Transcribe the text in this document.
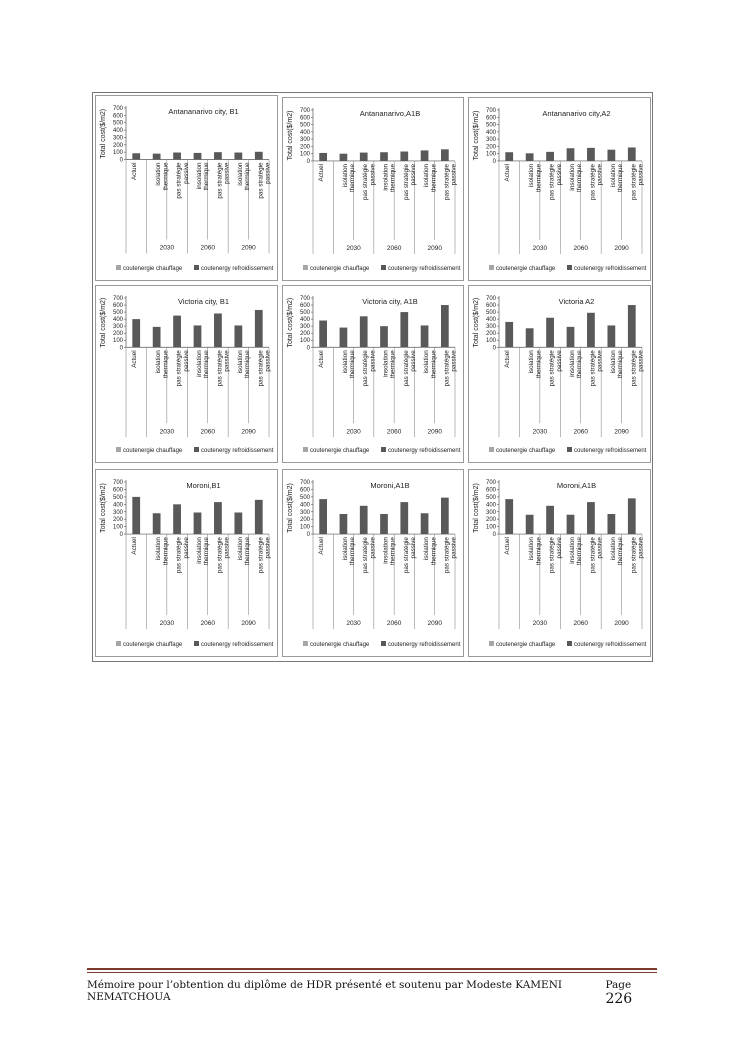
Antananarivo city, B1
Total cost($/m2)
0
100
200
300
400
500
600
700
Actuel	isolationthermique pas stratégiepassive insolationthermique pas stratégiepassive isolationthermique pas stratégiepassive
2030	2060	2090
coutenergie chauffage	coutenergy refroidissement
Antananarivo,A1B
Total cost($/m2)
0
100
200
300
400
500
600
700
Actuel	isolationthermique pas stratégiepassive insolationthermique pas stratégiepassive isolationthermique pas stratégiepassive
2030	2060	2090
coutenergie chauffage	coutenergy refroidissement
Antananarivo city,A2
Total cost($/m2)
0
100
200
300
400
500
600
700
Actuel	isolationthermique pas stratégiepassive insolationthermique pas stratégiepassive isolationthermique pas stratégiepassive
2030	2060	2090
coutenergie chauffage	coutenergy refroidissement
Victoria city, B1
Total cost($/m2)
0
100
200
300
400
500
600
700
Actuel	isolationthermique pas stratégiepassive insolationthermique pas stratégiepassive isolationthermique pas stratégiepassive
2030	2060	2090
coutenergie chauffage	coutenergy refroidissement
Victoria city, A1B
Total cost($/m2)
0
100
200
300
400
500
600
700
Actuel	isolationthermique pas stratégiepassive insolationthermique pas stratégiepassive isolationthermique pas stratégiepassive
2030	2060	2090
coutenergie chauffage	coutenergy refroidissement
Victoria A2
Total cost($/m2)
0
100
200
300
400
500
600
700
Actuel	isolationthermique pas stratégiepassive insolationthermique pas stratégiepassive isolationthermique pas stratégiepassive
2030	2060	2090
coutenergie chauffage	coutenergy refroidissement
Moroni,B1
Total cost($/m2)
0
100
200
300
400
500
600
700
Actuel	isolationthermique pas stratégiepassive insolationthermique pas stratégiepassive isolationthermique pas stratégiepassive
2030	2060	2090
coutenergie chauffage	coutenergy refroidissement
Moroni,A1B
Total cost($/m2)
0
100
200
300
400
500
600
700
Actuel	isolationthermique pas stratégiepassive insolationthermique pas stratégiepassive isolationthermique pas stratégiepassive
2030	2060	2090
coutenergie chauffage	coutenergy refroidissement
Moroni,A1B
Total cost($/m2)
0
100
200
300
400
500
600
700
Actuel	isolationthermique pas stratégiepassive insolationthermique pas stratégiepassive isolationthermique pas stratégiepassive
2030	2060	2090
coutenergie chauffage	coutenergy refroidissement
Mémoire pour l’obtention du diplôme de HDR présenté et soutenu par Modeste KAMENI NEMATCHOUA
Page 226
